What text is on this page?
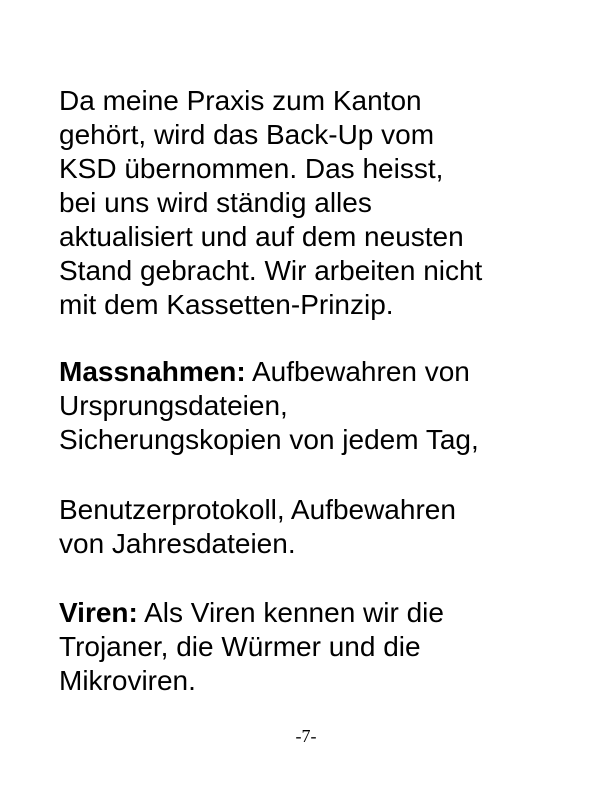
Da meine Praxis zum Kanton
gehört, wird das Back-Up vom
KSD übernommen. Das heisst,
bei uns wird ständig alles
aktualisiert und auf dem neusten
Stand gebracht. Wir arbeiten nicht
mit dem Kassetten-Prinzip.

Massnahmen: Aufbewahren von
Ursprungsdateien,
Sicherungskopien von jedem Tag,

Benutzerprotokoll, Aufbewahren
von Jahresdateien.

Viren: Als Viren kennen wir die
Trojaner, die Würmer und die
Mikroviren.

-7-
